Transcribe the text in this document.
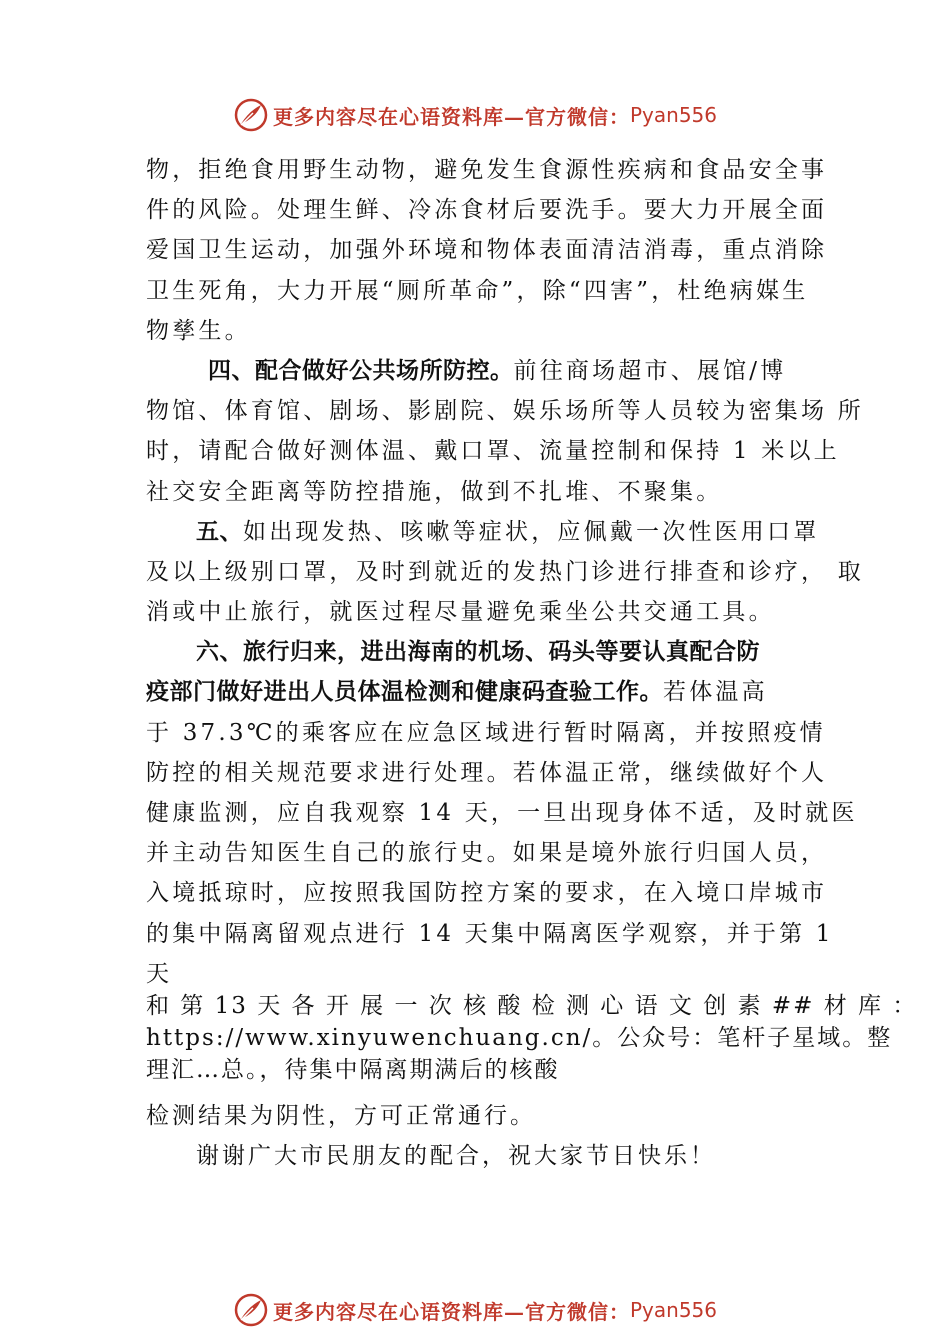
更多内容尽在心语资料库—官方微信： Pyan556
物，拒绝食用野生动物，避免发生食源性疾病和食品安全事
件的风险。处理生鲜、冷冻食材后要洗手。要大力开展全面
爱国卫生运动，加强外环境和物体表面清洁消毒，重点消除
卫生死角，大力开展“厕所革命”，除“四害”，杜绝病媒生
物孳生。
四、配合做好公共场所防控。前往商场超市、展馆/博
物馆、体育馆、剧场、影剧院、娱乐场所等人员较为密集场 所
时，请配合做好测体温、戴口罩、流量控制和保持 1 米以上
社交安全距离等防控措施，做到不扎堆、不聚集。
五、如出现发热、咳嗽等症状，应佩戴一次性医用口罩
及以上级别口罩，及时到就近的发热门诊进行排查和诊疗， 取
消或中止旅行，就医过程尽量避免乘坐公共交通工具。
六、旅行归来，进出海南的机场、码头等要认真配合防
疫部门做好进出人员体温检测和健康码查验工作。若体温高
于 37.3℃的乘客应在应急区域进行暂时隔离，并按照疫情
防控的相关规范要求进行处理。若体温正常，继续做好个人
健康监测，应自我观察 14 天，一旦出现身体不适，及时就医
并主动告知医生自己的旅行史。如果是境外旅行归国人员，
入境抵琼时，应按照我国防控方案的要求，在入境口岸城市
的集中隔离留观点进行 14 天集中隔离医学观察，并于第 1
天
和 第 13 天 各 开 展 一 次 核 酸 检 测 心 语 文 创 素 ## 材 库 ：
https://www.xinyuwenchuang.cn/。公众号：笔杆子星域。整
理汇…总。，待集中隔离期满后的核酸
检测结果为阴性，方可正常通行。
谢谢广大市民朋友的配合，祝大家节日快乐！
更多内容尽在心语资料库—官方微信： Pyan556
